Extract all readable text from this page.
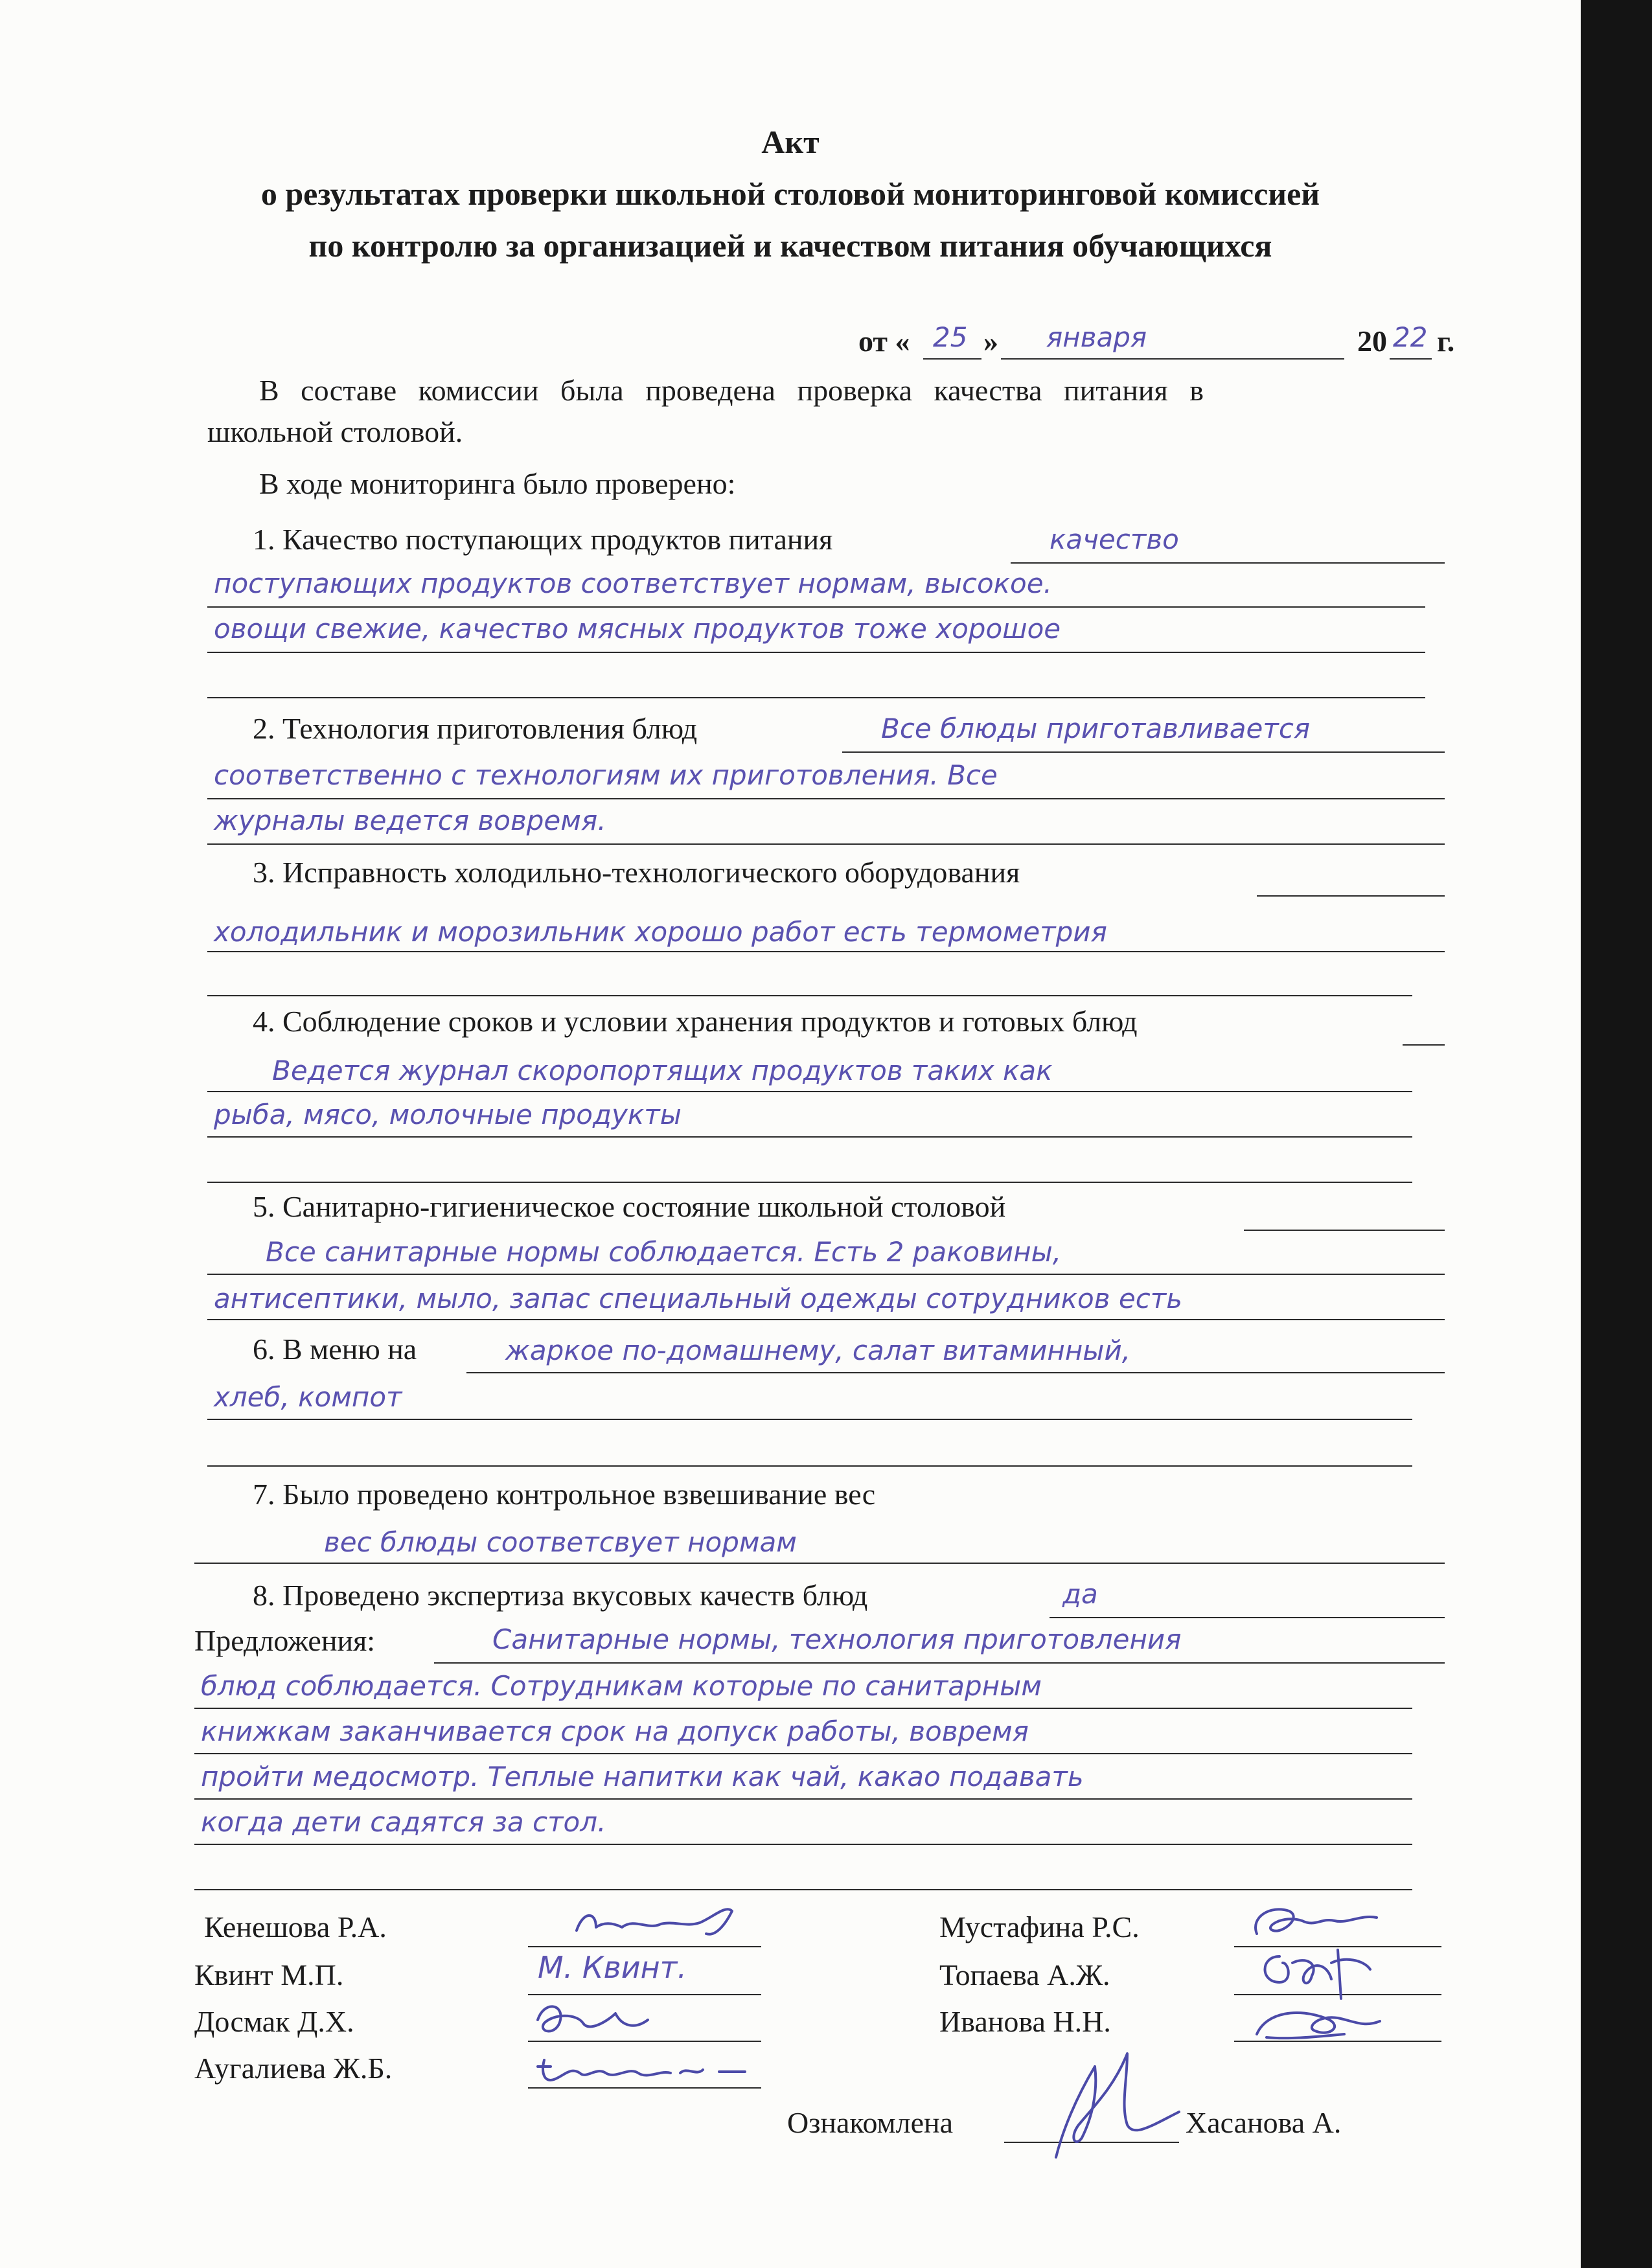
Акт
о результатах проверки школьной столовой мониторинговой комиссией
по контролю за организацией и качеством питания обучающихся
от « 25 » января	20 22 г.
В составе комиссии была проведена проверка качества питания в
школьной столовой.
В ходе мониторинга было проверено:
1. Качество поступающих продуктов питания	качество
поступающих продуктов соответствует нормам, высокое.
овощи свежие, качество мясных продуктов тоже хорошое
2. Технология приготовления блюд	Все блюды приготавливается
соответственно с технологиям их приготовления. Все
журналы ведется вовремя.
3. Исправность холодильно-технологического оборудования
холодильник и морозильник хорошо работ есть термометрия
4. Соблюдение сроков и условии хранения продуктов и готовых блюд
Ведется журнал скоропортящих продуктов таких как
рыба, мясо, молочные продукты
5. Санитарно-гигиеническое состояние школьной столовой
Все санитарные нормы соблюдается. Есть 2 раковины,
антисептики, мыло, запас специальный одежды сотрудников есть
6. В меню на	жаркое по-домашнему, салат витаминный,
хлеб, компот
7. Было проведено контрольное взвешивание вес
вес блюды соответсвует нормам
8. Проведено экспертиза вкусовых качеств блюд	да
Предложения:	Санитарные нормы, технология приготовления
блюд соблюдается. Сотрудникам которые по санитарным
книжкам заканчивается срок на допуск работы, вовремя
пройти медосмотр. Теплые напитки как чай, какао подавать
когда дети садятся за стол.
Кенешова Р.А.
Квинт М.П.	М. Квинт.
Досмак Д.Х.
Аугалиева Ж.Б.
Мустафина Р.С.
Топаева А.Ж.
Иванова Н.Н.
Ознакомлена	Хасанова А.
